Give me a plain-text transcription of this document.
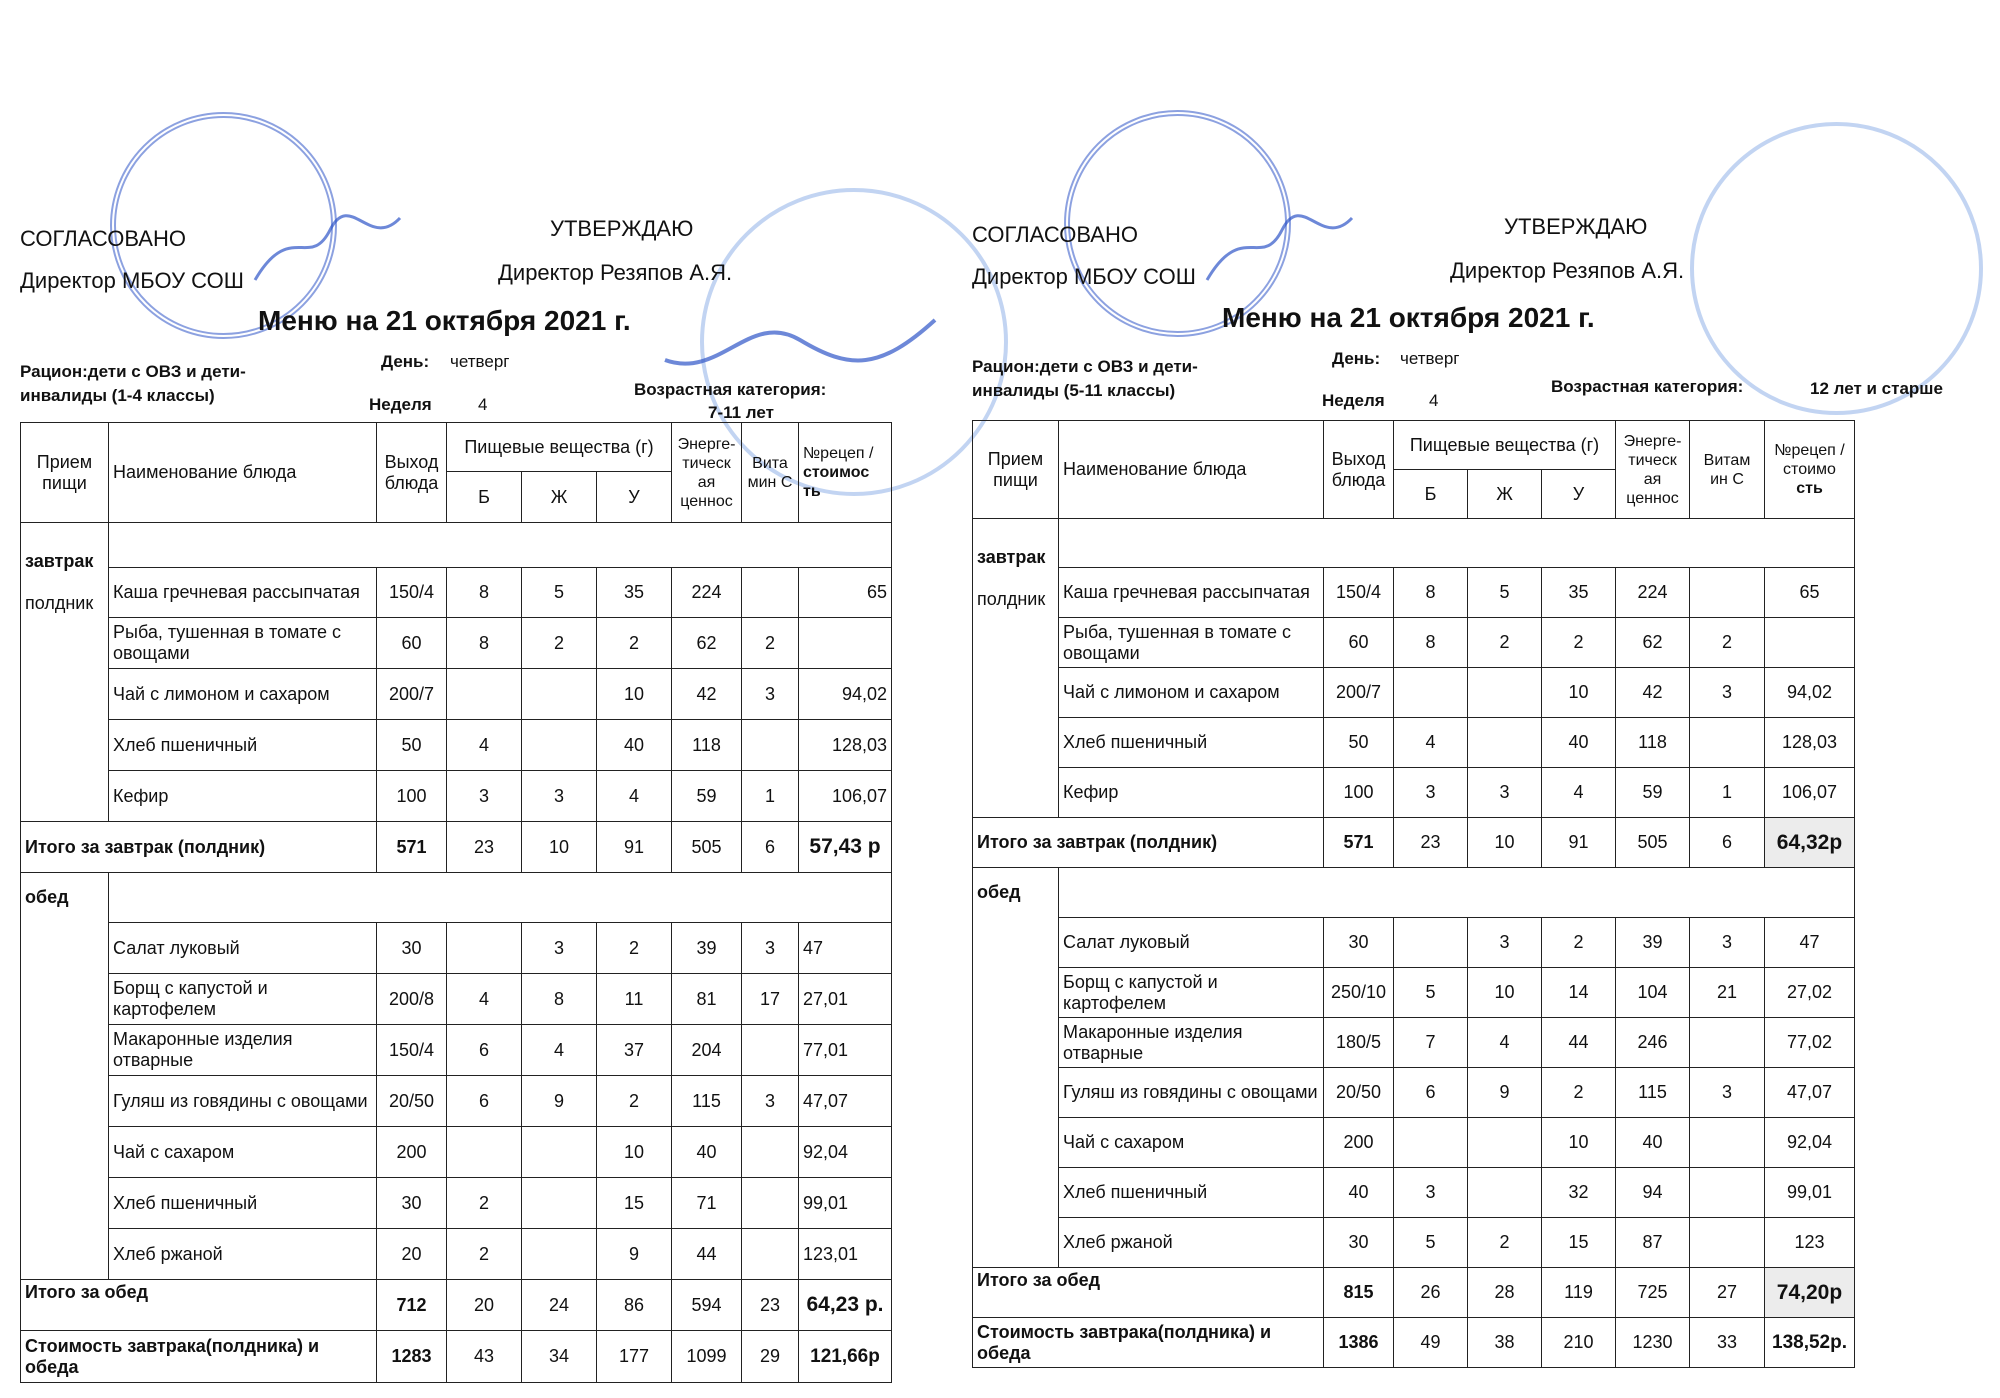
СОГЛАСОВАНО
Директор МБОУ СОШ
УТВЕРЖДАЮ
Директор Резяпов А.Я.
Меню на 21 октября 2021 г.
Рацион:дети с ОВЗ и дети-
инвалиды (1-4 классы)
День: четверг
Неделя	4
Возрастная категория:
7-11 лет
Прием пищи	Наименование блюда	Выход блюда	Пищевые вещества (г)			Энерге-тическ ая ценнос	Вита мин С	№рецеп /
стоимос ть
			Б	Ж	У			
завтрак

полдник								
	Каша гречневая рассыпчатая	150/4	8	5	35	224		65
	Рыба, тушенная в томате с овощами	60	8	2	2	62	2	
	Чай с лимоном и сахаром	200/7			10	42	3	94,02
	Хлеб пшеничный	50	4		40	118		128,03
	Кефир	100	3	3	4	59	1	106,07
Итого за завтрак (полдник)		571	23	10	91	505	6	57,43 р
обед								
	Салат луковый	30		3	2	39	3	47
	Борщ с капустой и картофелем	200/8	4	8	11	81	17	27,01
	Макаронные изделия отварные	150/4	6	4	37	204		77,01
	Гуляш из говядины с овощами	20/50	6	9	2	115	3	47,07
	Чай с сахаром	200			10	40		92,04
	Хлеб пшеничный	30	2		15	71		99,01
	Хлеб ржаной	20	2		9	44		123,01
Итого за обед		712	20	24	86	594	23	64,23 р.
Стоимость завтрака(полдника) и обеда		1283	43	34	177	1099	29	121,66р
СОГЛАСОВАНО
Директор МБОУ СОШ
УТВЕРЖДАЮ
Директор Резяпов А.Я.
Меню на 21 октября 2021 г.
Рацион:дети с ОВЗ и дети-
инвалиды (5-11 классы)
День: четверг
Неделя	4
Возрастная категория:	12 лет и старше
Прием пищи	Наименование блюда	Выход блюда	Пищевые вещества (г)			Энерге-тическ ая ценнос	Витам ин С	№рецеп /стоимо
сть
			Б	Ж	У			
завтрак

полдник								
	Каша гречневая рассыпчатая	150/4	8	5	35	224		65
	Рыба, тушенная в томате с овощами	60	8	2	2	62	2	
	Чай с лимоном и сахаром	200/7			10	42	3	94,02
	Хлеб пшеничный	50	4		40	118		128,03
	Кефир	100	3	3	4	59	1	106,07
Итого за завтрак (полдник)		571	23	10	91	505	6	64,32р
обед								
	Салат луковый	30		3	2	39	3	47
	Борщ с капустой и картофелем	250/10	5	10	14	104	21	27,02
	Макаронные изделия отварные	180/5	7	4	44	246		77,02
	Гуляш из говядины с овощами	20/50	6	9	2	115	3	47,07
	Чай с сахаром	200			10	40		92,04
	Хлеб пшеничный	40	3		32	94		99,01
	Хлеб ржаной	30	5	2	15	87		123
Итого за обед		815	26	28	119	725	27	74,20р
Стоимость завтрака(полдника) и обеда		1386	49	38	210	1230	33	138,52р.
